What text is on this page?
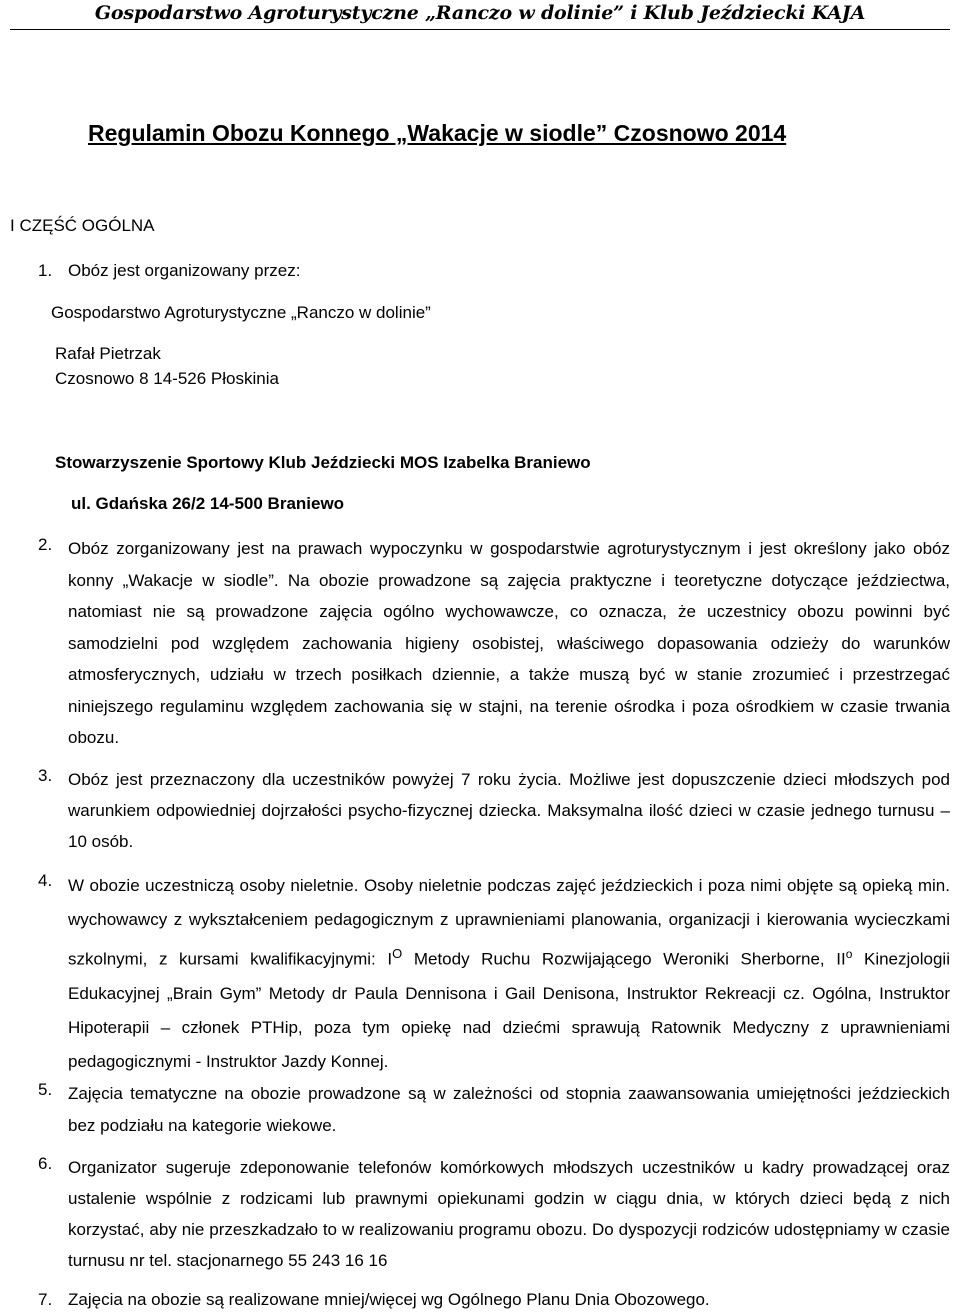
Gospodarstwo Agroturystyczne „Ranczo w dolinie” i Klub Jeździecki KAJA
Regulamin Obozu Konnego „Wakacje w siodle” Czosnowo 2014
I CZĘŚĆ OGÓLNA
1. Obóz jest organizowany przez:
Gospodarstwo Agroturystyczne „Ranczo w dolinie”
Rafał Pietrzak
Czosnowo 8 14-526 Płoskinia
Stowarzyszenie Sportowy Klub Jeździecki MOS Izabelka Braniewo
ul. Gdańska 26/2 14-500 Braniewo
2. Obóz zorganizowany jest na prawach wypoczynku w gospodarstwie agroturystycznym i jest określony jako obóz konny „Wakacje w siodle”. Na obozie prowadzone są zajęcia praktyczne i teoretyczne dotyczące jeździectwa, natomiast nie są prowadzone zajęcia ogólno wychowawcze, co oznacza, że uczestnicy obozu powinni być samodzielni pod względem zachowania higieny osobistej, właściwego dopasowania odzieży do warunków atmosferycznych, udziału w trzech posiłkach dziennie, a także muszą być w stanie zrozumieć i przestrzegać niniejszego regulaminu względem zachowania się w stajni, na terenie ośrodka i poza ośrodkiem w czasie trwania obozu.
3. Obóz jest przeznaczony dla uczestników powyżej 7 roku życia. Możliwe jest dopuszczenie dzieci młodszych pod warunkiem odpowiedniej dojrzałości psycho-fizycznej dziecka. Maksymalna ilość dzieci w czasie jednego turnusu – 10 osób.
4. W obozie uczestniczą osoby nieletnie. Osoby nieletnie podczas zajęć jeździeckich i poza nimi objęte są opieką min. wychowawcy z wykształceniem pedagogicznym z uprawnieniami planowania, organizacji i kierowania wycieczkami szkolnymi, z kursami kwalifikacyjnymi: $I^O$ Metody Ruchu Rozwijającego Weroniki Sherborne, $II^o$ Kinezjologii Edukacyjnej „Brain Gym” Metody dr Paula Dennisona i Gail Denisona, Instruktor Rekreacji cz. Ogólna, Instruktor Hipoterapii – członek PTHip, poza tym opiekę nad dziećmi sprawują Ratownik Medyczny z uprawnieniami pedagogicznymi - Instruktor Jazdy Konnej.
5. Zajęcia tematyczne na obozie prowadzone są w zależności od stopnia zaawansowania umiejętności jeździeckich bez podziału na kategorie wiekowe.
6. Organizator sugeruje zdeponowanie telefonów komórkowych młodszych uczestników u kadry prowadzącej oraz ustalenie wspólnie z rodzicami lub prawnymi opiekunami godzin w ciągu dnia, w których dzieci będą z nich korzystać, aby nie przeszkadzało to w realizowaniu programu obozu. Do dyspozycji rodziców udostępniamy w czasie turnusu nr tel. stacjonarnego 55 243 16 16
7. Zajęcia na obozie są realizowane mniej/więcej wg Ogólnego Planu Dnia Obozowego.
